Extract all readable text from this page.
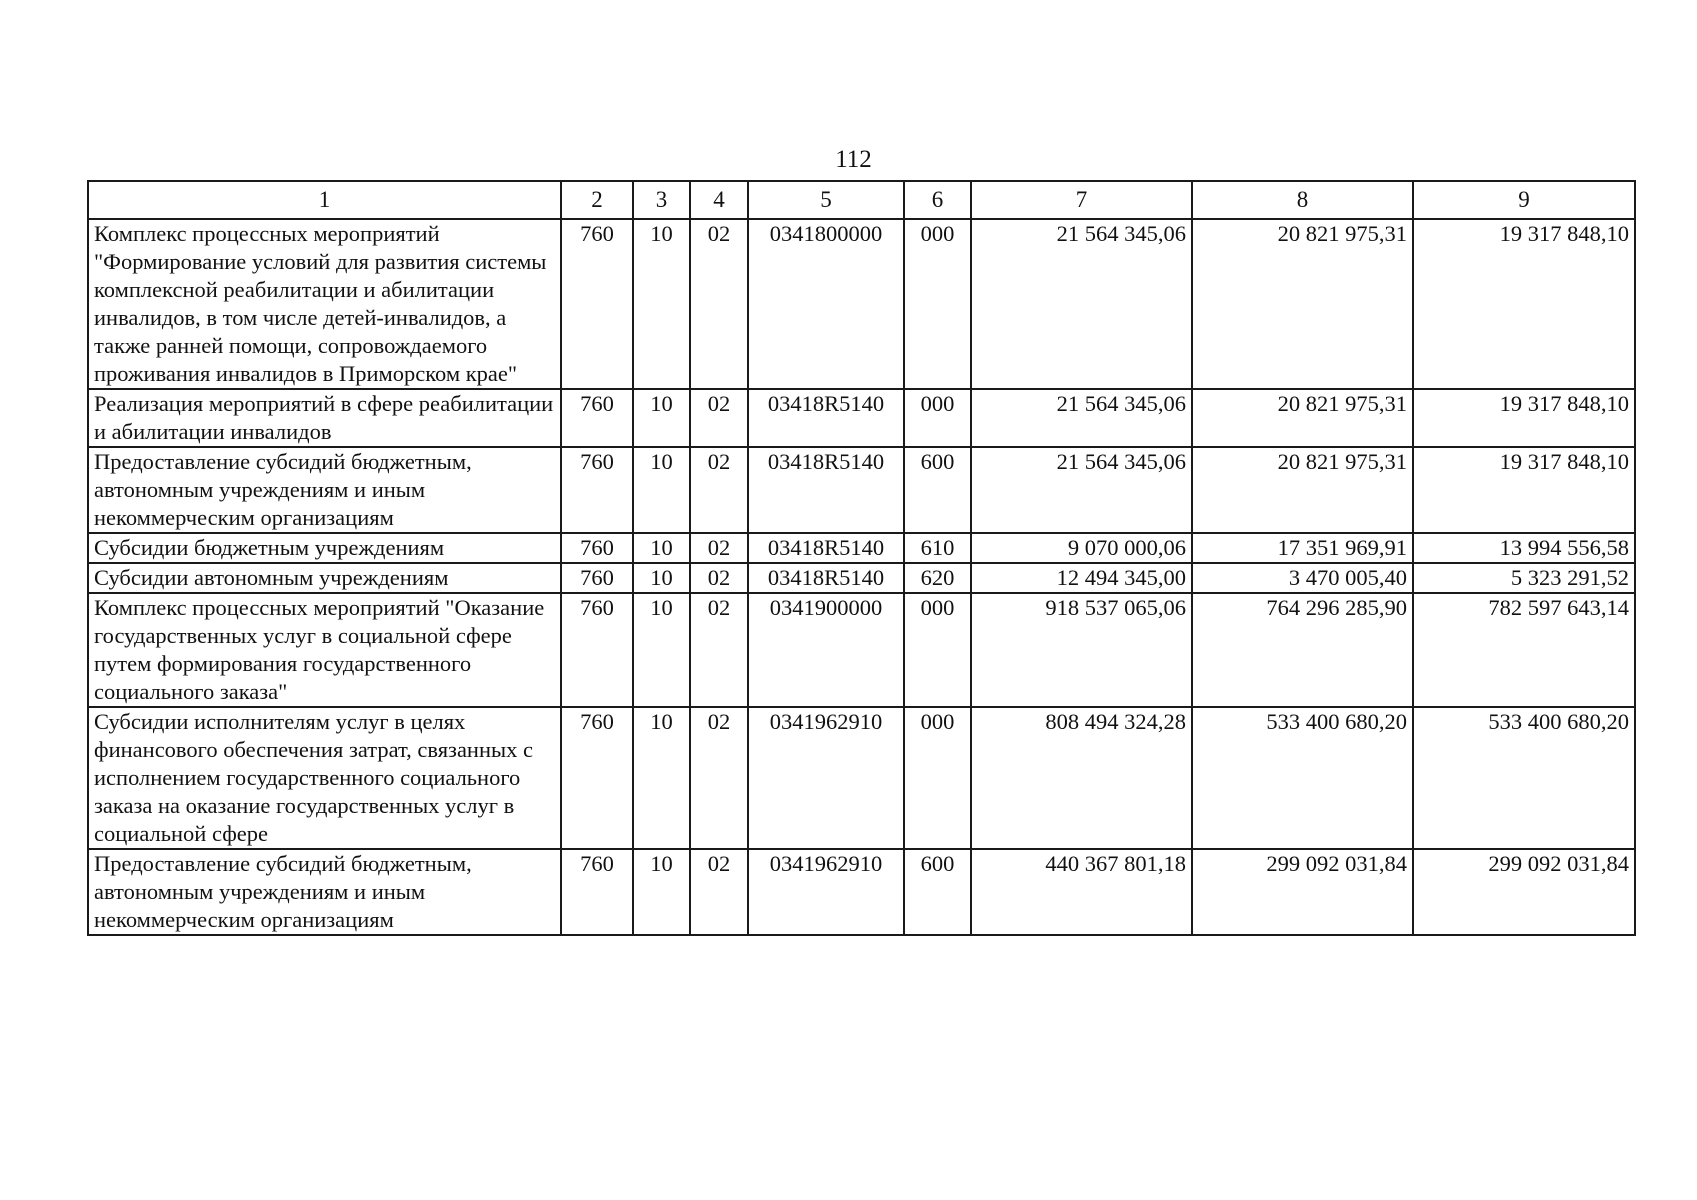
112
1	2	3	4	5	6	7	8	9
Комплекс процессных мероприятий "Формирование условий для развития системы комплексной реабилитации и абилитации инвалидов, в том числе детей-инвалидов, а также ранней помощи, сопровождаемого проживания инвалидов в Приморском крае"	760	10	02	0341800000	000	21 564 345,06	20 821 975,31	19 317 848,10
Реализация мероприятий в сфере реабилитации и абилитации инвалидов	760	10	02	03418R5140	000	21 564 345,06	20 821 975,31	19 317 848,10
Предоставление субсидий бюджетным, автономным учреждениям и иным некоммерческим организациям	760	10	02	03418R5140	600	21 564 345,06	20 821 975,31	19 317 848,10
Субсидии бюджетным учреждениям	760	10	02	03418R5140	610	9 070 000,06	17 351 969,91	13 994 556,58
Субсидии автономным учреждениям	760	10	02	03418R5140	620	12 494 345,00	3 470 005,40	5 323 291,52
Комплекс процессных мероприятий "Оказание государственных услуг в социальной сфере путем формирования государственного социального заказа"	760	10	02	0341900000	000	918 537 065,06	764 296 285,90	782 597 643,14
Субсидии исполнителям услуг в целях финансового обеспечения затрат, связанных с исполнением государственного социального заказа на оказание государственных услуг в социальной сфере	760	10	02	0341962910	000	808 494 324,28	533 400 680,20	533 400 680,20
Предоставление субсидий бюджетным, автономным учреждениям и иным некоммерческим организациям	760	10	02	0341962910	600	440 367 801,18	299 092 031,84	299 092 031,84
